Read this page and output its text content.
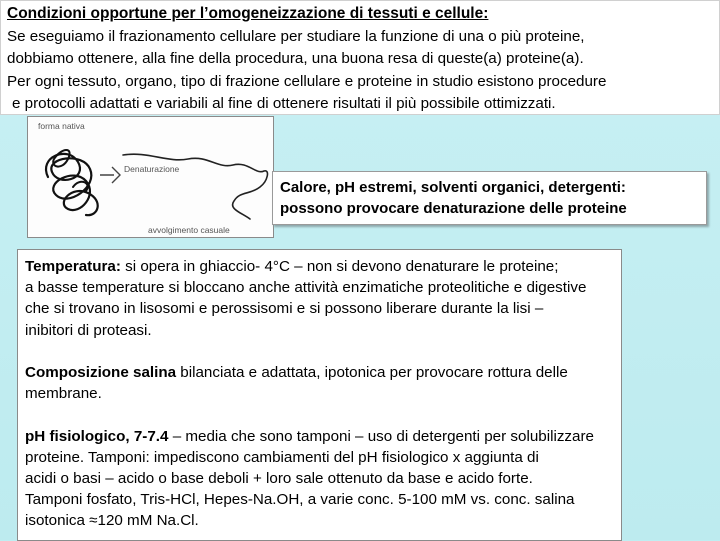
Condizioni opportune per l’omogeneizzazione di tessuti e cellule:
Se eseguiamo il frazionamento cellulare per studiare la funzione di una o più proteine,
dobbiamo ottenere, alla fine della procedura, una buona resa di queste(a) proteine(a).
Per ogni tessuto, organo, tipo di frazione cellulare e proteine in studio esistono procedure
e protocolli adattati e variabili al fine di ottenere risultati il più possibile ottimizzati.
forma nativa
Denaturazione
avvolgimento casuale
Calore, pH estremi, solventi organici, detergenti:
possono provocare denaturazione delle proteine
Temperatura: si opera in ghiaccio- 4°C – non si devono denaturare le proteine;
a basse temperature si bloccano anche attività enzimatiche proteolitiche e digestive
che si trovano in lisosomi e perossisomi e si possono liberare durante la lisi –
inibitori di proteasi.
Composizione salina bilanciata e adattata, ipotonica per provocare rottura delle
membrane.
pH fisiologico, 7-7.4 – media che sono tamponi – uso di detergenti per solubilizzare
proteine. Tamponi: impediscono cambiamenti del pH fisiologico x aggiunta di
acidi o basi – acido o base deboli + loro sale ottenuto da base e acido forte.
Tamponi fosfato, Tris-HCl, Hepes-Na.OH, a varie conc. 5-100 mM vs. conc. salina
isotonica ≈120 mM Na.Cl.
